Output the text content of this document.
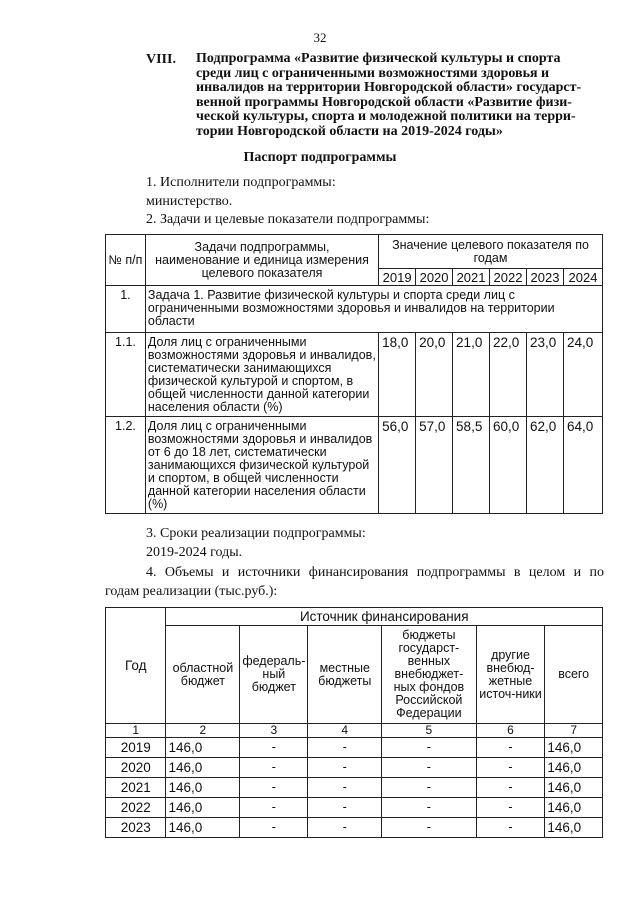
32
VIII. Подпрограмма «Развитие физической культуры и спорта
среди лиц с ограниченными возможностями здоровья и
инвалидов на территории Новгородской области» государст-
венной программы Новгородской области «Развитие физи-
ческой культуры, спорта и молодежной политики на терри-
тории Новгородской области на 2019-2024 годы»
Паспорт подпрограммы
1. Исполнители подпрограммы:
министерство.
2. Задачи и целевые показатели подпрограммы:
№ п/п	Задачи подпрограммы, наименование и единица измерения целевого показателя	Значение целевого показателя по годам					
		2019	2020	2021	2022	2023	2024
1.	Задача 1. Развитие физической культуры и спорта среди лиц с ограниченными возможностями здоровья и инвалидов на территории области						
1.1.	Доля лиц с ограниченными возможностями здоровья и инвалидов, систематически занимающихся физической культурой и спортом, в общей численности данной категории населения области (%)	18,0	20,0	21,0	22,0	23,0	24,0
1.2.	Доля лиц с ограниченными возможностями здоровья и инвалидов от 6 до 18 лет, систематически занимающихся физической культурой и спортом, в общей численности данной категории населения области (%)	56,0	57,0	58,5	60,0	62,0	64,0
3. Сроки реализации подпрограммы:
2019-2024 годы.
4. Объемы и источники финансирования подпрограммы в целом и по
годам реализации (тыс.руб.):
Год	Источник финансирования					
	областной бюджет	федераль-ный бюджет	местные бюджеты	бюджеты государст-венных внебюджет-ных фондов Российской Федерации	другие внебюд-жетные источ-ники	всего
1	2	3	4	5	6	7
2019	146,0	-	-	-	-	146,0
2020	146,0	-	-	-	-	146,0
2021	146,0	-	-	-	-	146,0
2022	146,0	-	-	-	-	146,0
2023	146,0	-	-	-	-	146,0
